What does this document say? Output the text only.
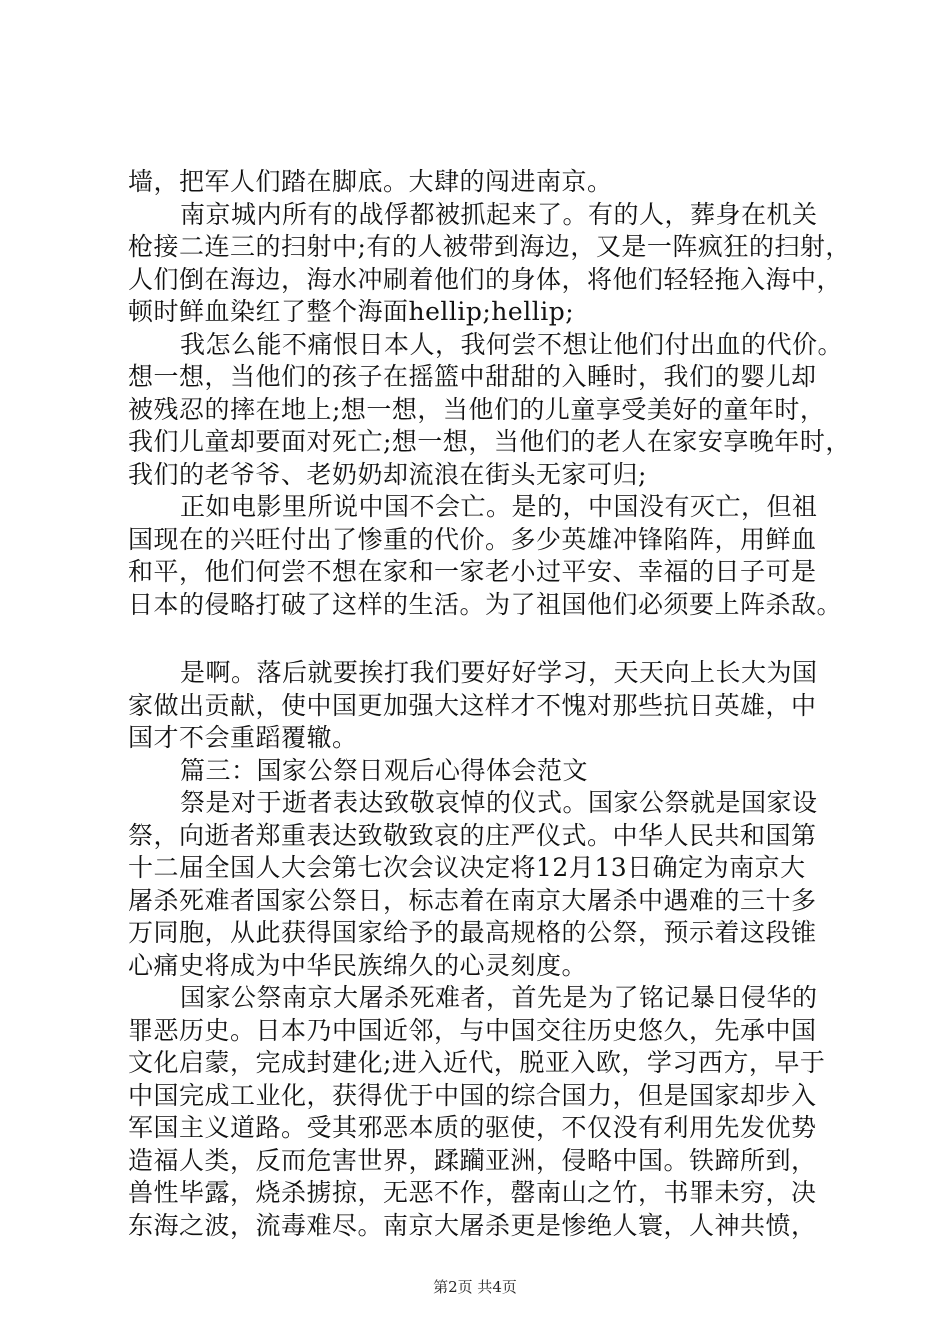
墙，把军人们踏在脚底。大肆的闯进南京。
南京城内所有的战俘都被抓起来了。有的人，葬身在机关
枪接二连三的扫射中;有的人被带到海边，又是一阵疯狂的扫射，
人们倒在海边，海水冲刷着他们的身体，将他们轻轻拖入海中，
顿时鲜血染红了整个海面hellip;hellip;
我怎么能不痛恨日本人，我何尝不想让他们付出血的代价。
想一想，当他们的孩子在摇篮中甜甜的入睡时，我们的婴儿却
被残忍的摔在地上;想一想，当他们的儿童享受美好的童年时，
我们儿童却要面对死亡;想一想，当他们的老人在家安享晚年时，
我们的老爷爷、老奶奶却流浪在街头无家可归;
正如电影里所说中国不会亡。是的，中国没有灭亡，但祖
国现在的兴旺付出了惨重的代价。多少英雄冲锋陷阵，用鲜血
和平，他们何尝不想在家和一家老小过平安、幸福的日子可是
日本的侵略打破了这样的生活。为了祖国他们必须要上阵杀敌。
是啊。落后就要挨打我们要好好学习，天天向上长大为国
家做出贡献，使中国更加强大这样才不愧对那些抗日英雄，中
国才不会重蹈覆辙。
篇三：国家公祭日观后心得体会范文
祭是对于逝者表达致敬哀悼的仪式。国家公祭就是国家设
祭，向逝者郑重表达致敬致哀的庄严仪式。中华人民共和国第
十二届全国人大会第七次会议决定将12月13日确定为南京大
屠杀死难者国家公祭日，标志着在南京大屠杀中遇难的三十多
万同胞，从此获得国家给予的最高规格的公祭，预示着这段锥
心痛史将成为中华民族绵久的心灵刻度。
国家公祭南京大屠杀死难者，首先是为了铭记暴日侵华的
罪恶历史。日本乃中国近邻，与中国交往历史悠久，先承中国
文化启蒙，完成封建化;进入近代，脱亚入欧，学习西方，早于
中国完成工业化，获得优于中国的综合国力，但是国家却步入
军国主义道路。受其邪恶本质的驱使，不仅没有利用先发优势
造福人类，反而危害世界，蹂躏亚洲，侵略中国。铁蹄所到，
兽性毕露，烧杀掳掠，无恶不作，罄南山之竹，书罪未穷，决
东海之波，流毒难尽。南京大屠杀更是惨绝人寰，人神共愤，
第2页 共4页
